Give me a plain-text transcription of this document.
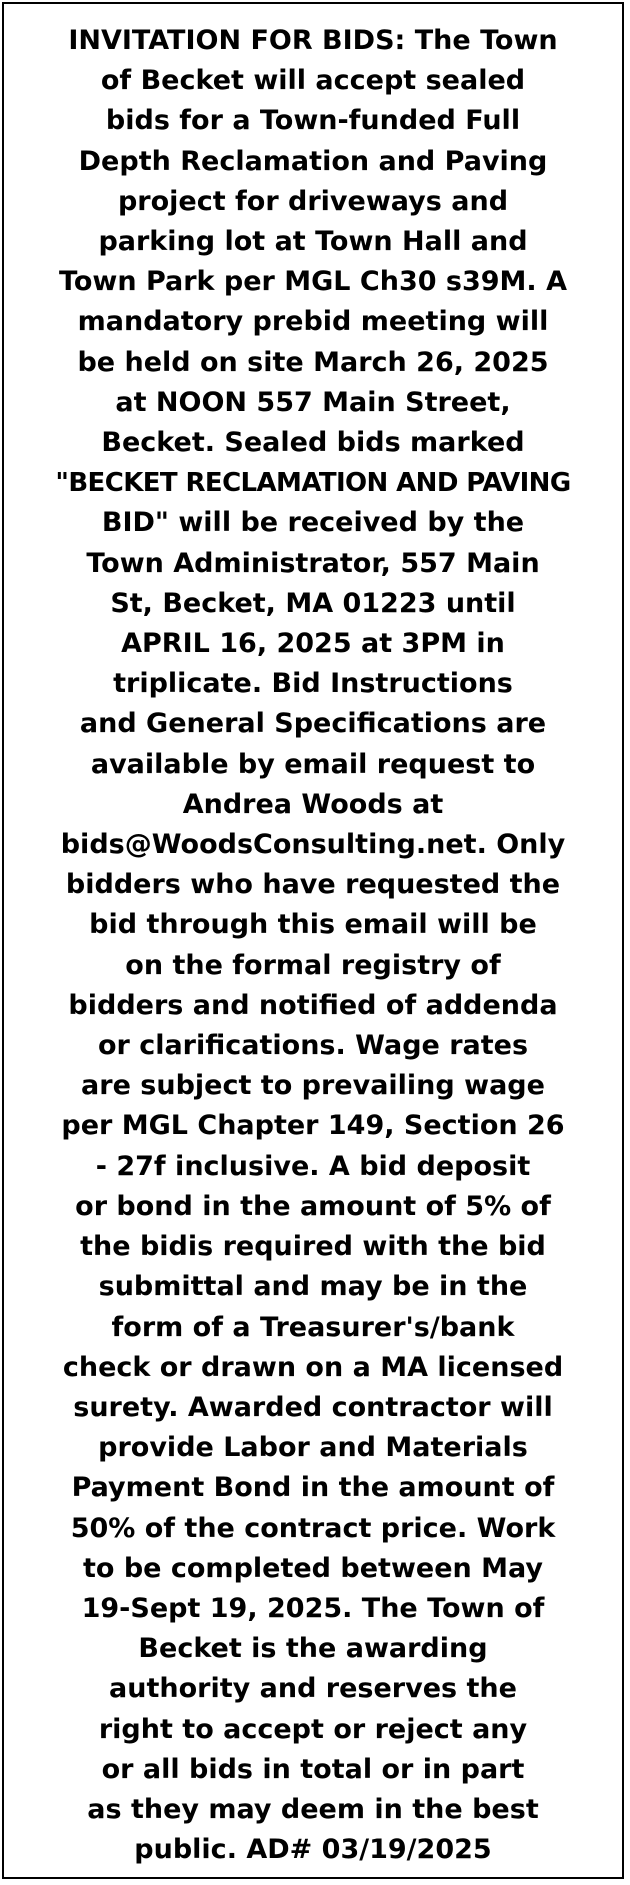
INVITATION FOR BIDS: The Town
of Becket will accept sealed
bids for a Town-funded Full
Depth Reclamation and Paving
project for driveways and
parking lot at Town Hall and
Town Park per MGL Ch30 s39M. A
mandatory prebid meeting will
be held on site March 26, 2025
at NOON 557 Main Street,
Becket. Sealed bids marked
"BECKET RECLAMATION AND PAVING
BID" will be received by the
Town Administrator, 557 Main
St, Becket, MA 01223 until
APRIL 16, 2025 at 3PM in
triplicate. Bid Instructions
and General Specifications are
available by email request to
Andrea Woods at
bids@WoodsConsulting.net. Only
bidders who have requested the
bid through this email will be
on the formal registry of
bidders and notified of addenda
or clarifications. Wage rates
are subject to prevailing wage
per MGL Chapter 149, Section 26
- 27f inclusive. A bid deposit
or bond in the amount of 5% of
the bidis required with the bid
submittal and may be in the
form of a Treasurer's/bank
check or drawn on a MA licensed
surety. Awarded contractor will
provide Labor and Materials
Payment Bond in the amount of
50% of the contract price. Work
to be completed between May
19-Sept 19, 2025. The Town of
Becket is the awarding
authority and reserves the
right to accept or reject any
or all bids in total or in part
as they may deem in the best
public. AD# 03/19/2025
